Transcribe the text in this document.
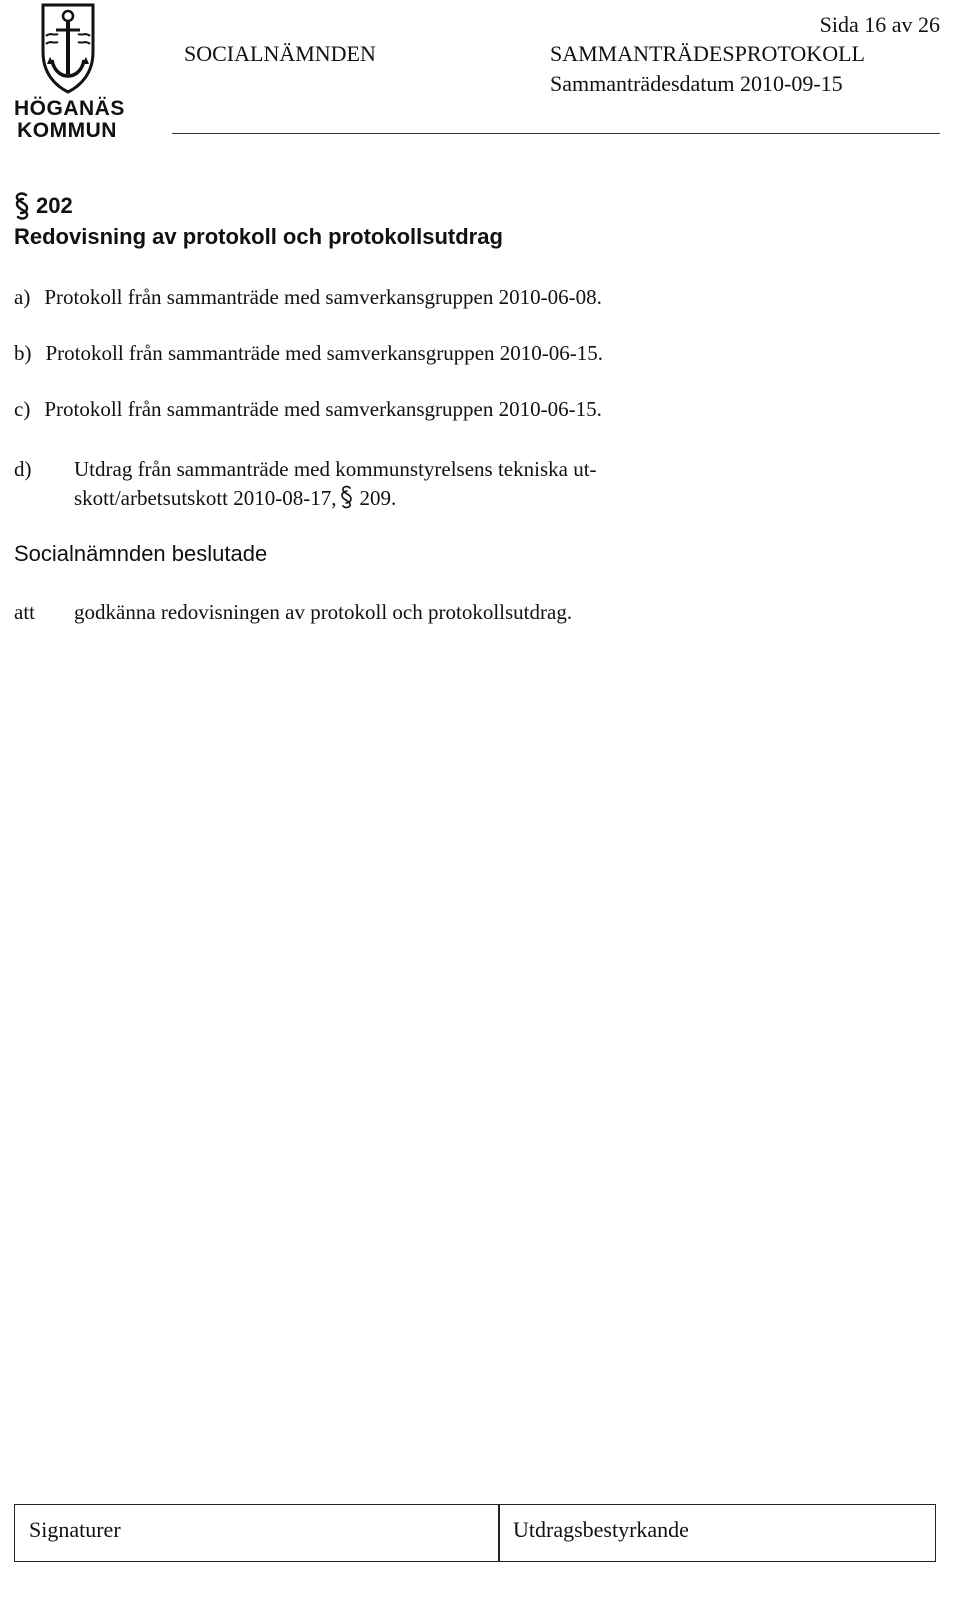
HÖGANÄS
KOMMUN
Sida 16 av 26
SOCIALNÄMNDEN	SAMMANTRÄDESPROTOKOLL
Sammanträdesdatum 2010-09-15
202
Redovisning av protokoll och protokollsutdrag
a) Protokoll från sammanträde med samverkansgruppen 2010-06-08.
b) Protokoll från sammanträde med samverkansgruppen 2010-06-15.
c) Protokoll från sammanträde med samverkansgruppen 2010-06-15.
d) Utdrag från sammanträde med kommunstyrelsens tekniska ut-
skott/arbetsutskott 2010-08-17, 209.
Socialnämnden beslutade
att godkänna redovisningen av protokoll och protokollsutdrag.
Signaturer	Utdragsbestyrkande
